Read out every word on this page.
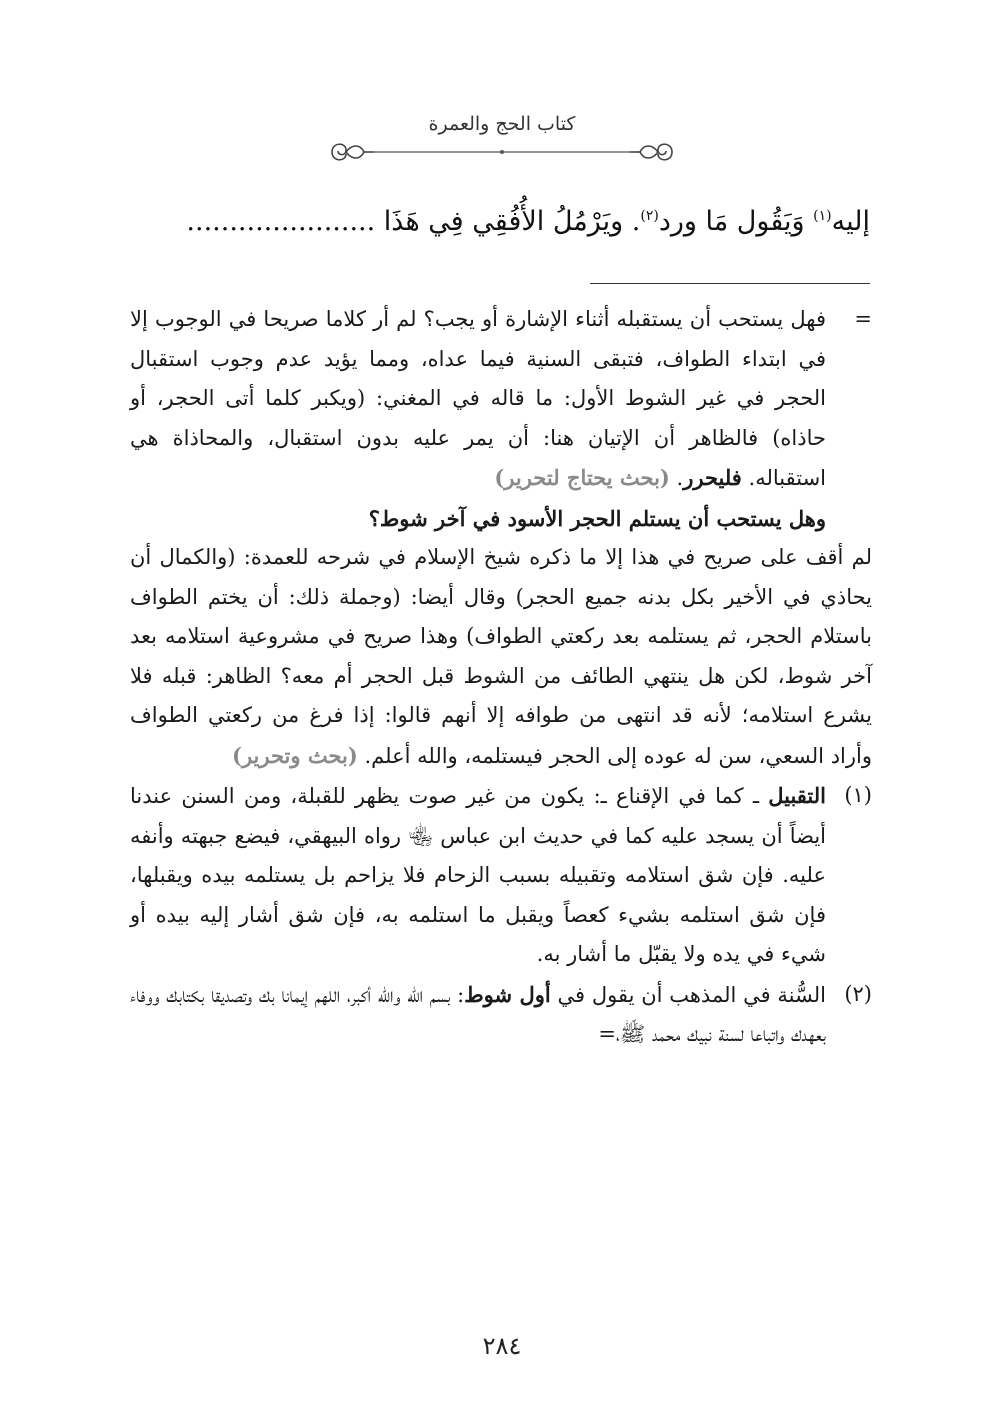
كتاب الحج والعمرة
إليه$^{(١)}$ وَيَقُول مَا ورد$^{(٢)}$. ويَرْمُلُ الأُفُقِي فِي هَذَا ......................
=

فهل يستحب أن يستقبله أثناء الإشارة أو يجب؟ لم أر كلاما صريحا في الوجوب إلا في ابتداء الطواف، فتبقى السنية فيما عداه، ومما يؤيد عدم وجوب استقبال الحجر في غير الشوط الأول: ما قاله في المغني: (ويكبر كلما أتى الحجر، أو حاذاه) فالظاهر أن الإتيان هنا: أن يمر عليه بدون استقبال، والمحاذاة هي استقباله. فليحرر. (بحث يحتاج لتحرير)

وهل يستحب أن يستلم الحجر الأسود في آخر شوط؟

لم أقف على صريح في هذا إلا ما ذكره شيخ الإسلام في شرحه للعمدة: (والكمال أن يحاذي في الأخير بكل بدنه جميع الحجر) وقال أيضا: (وجملة ذلك: أن يختم الطواف باستلام الحجر، ثم يستلمه بعد ركعتي الطواف) وهذا صريح في مشروعية استلامه بعد آخر شوط، لكن هل ينتهي الطائف من الشوط قبل الحجر أم معه؟ الظاهر: قبله فلا يشرع استلامه؛ لأنه قد انتهى من طوافه إلا أنهم قالوا: إذا فرغ من ركعتي الطواف وأراد السعي، سن له عوده إلى الحجر فيستلمه، والله أعلم. (بحث وتحرير)

(١)

التقبيل ـ كما في الإقناع ـ: يكون من غير صوت يظهر للقبلة، ومن السنن عندنا أيضاً أن يسجد عليه كما في حديث ابن عباس ﵄ رواه البيهقي، فيضع جبهته وأنفه عليه. فإن شق استلامه وتقبيله بسبب الزحام فلا يزاحم بل يستلمه بيده ويقبلها، فإن شق استلمه بشيء كعصاً ويقبل ما استلمه به، فإن شق أشار إليه بيده أو شيء في يده ولا يقبّل ما أشار به.

(٢)

السُّنة في المذهب أن يقول في أول شوط: بسم الله والله أكبر، اللهم إيمانا بك وتصديقا بكتابك ووفاء بعهدك واتباعا لسنة نبيك محمد ﷺ،=

٢٨٤
